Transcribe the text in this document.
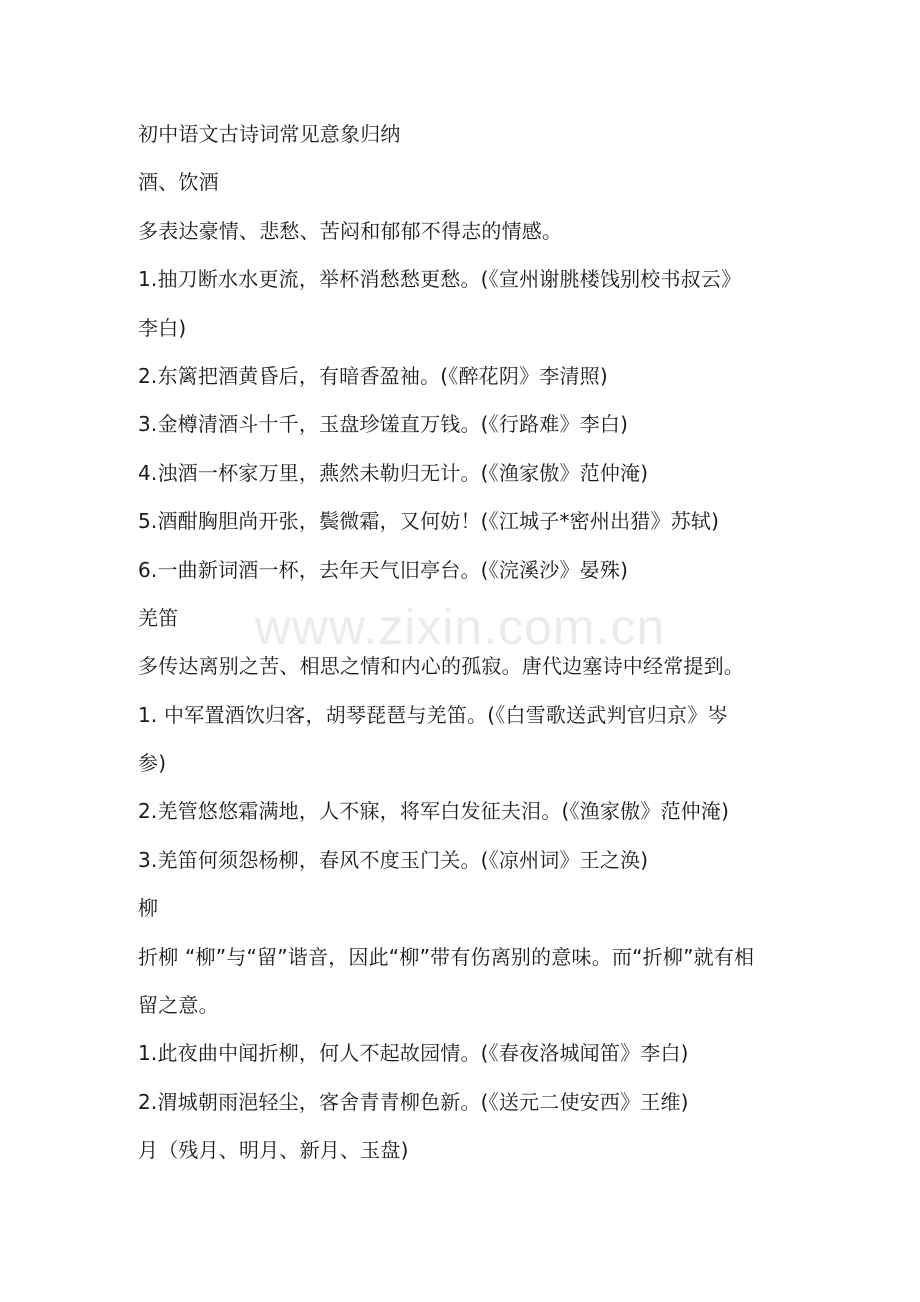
初中语文古诗词常见意象归纳
酒、饮酒
多表达豪情、悲愁、苦闷和郁郁不得志的情感。
1.抽刀断水水更流，举杯消愁愁更愁。(《宣州谢朓楼饯别校书叔云》
李白)
2.东篱把酒黄昏后，有暗香盈袖。(《醉花阴》李清照)
3.金樽清酒斗十千，玉盘珍馐直万钱。(《行路难》李白)
4.浊酒一杯家万里，燕然未勒归无计。(《渔家傲》范仲淹)
5.酒酣胸胆尚开张，鬓微霜，又何妨！(《江城子*密州出猎》苏轼)
6.一曲新词酒一杯，去年天气旧亭台。(《浣溪沙》晏殊)
羌笛
多传达离别之苦、相思之情和内心的孤寂。唐代边塞诗中经常提到。
1. 中军置酒饮归客，胡琴琵琶与羌笛。(《白雪歌送武判官归京》岑
参)
2.羌管悠悠霜满地，人不寐，将军白发征夫泪。(《渔家傲》范仲淹)
3.羌笛何须怨杨柳，春风不度玉门关。(《凉州词》王之涣)
柳
折柳 “柳”与“留”谐音，因此“柳”带有伤离别的意味。而“折柳”就有相
留之意。
1.此夜曲中闻折柳，何人不起故园情。(《春夜洛城闻笛》李白)
2.渭城朝雨浥轻尘，客舍青青柳色新。(《送元二使安西》王维)
月（残月、明月、新月、玉盘)
www.zixin.com.cn
